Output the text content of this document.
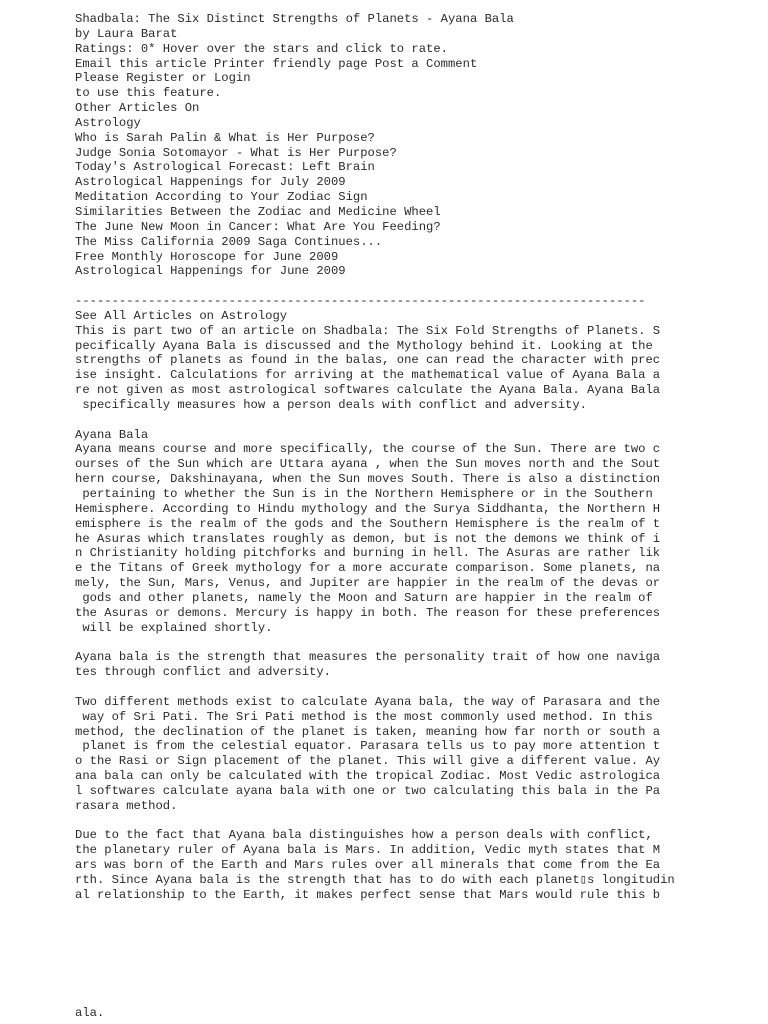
Shadbala: The Six Distinct Strengths of Planets - Ayana Bala
by Laura Barat
Ratings: 0* Hover over the stars and click to rate.
Email this article Printer friendly page Post a Comment
Please Register or Login
to use this feature.
Other Articles On
Astrology
Who is Sarah Palin & What is Her Purpose?
Judge Sonia Sotomayor - What is Her Purpose?
Today's Astrological Forecast: Left Brain
Astrological Happenings for July 2009
Meditation According to Your Zodiac Sign
Similarities Between the Zodiac and Medicine Wheel
The June New Moon in Cancer: What Are You Feeding?
The Miss California 2009 Saga Continues...
Free Monthly Horoscope for June 2009
Astrological Happenings for June 2009
------------------------------------------------------------------------------
See All Articles on Astrology
This is part two of an article on Shadbala: The Six Fold Strengths of Planets. S
pecifically Ayana Bala is discussed and the Mythology behind it. Looking at the
strengths of planets as found in the balas, one can read the character with prec
ise insight. Calculations for arriving at the mathematical value of Ayana Bala a
re not given as most astrological softwares calculate the Ayana Bala. Ayana Bala
specifically measures how a person deals with conflict and adversity.
Ayana Bala
Ayana means course and more specifically, the course of the Sun. There are two c
ourses of the Sun which are Uttara ayana , when the Sun moves north and the Sout
hern course, Dakshinayana, when the Sun moves South. There is also a distinction
pertaining to whether the Sun is in the Northern Hemisphere or in the Southern
Hemisphere. According to Hindu mythology and the Surya Siddhanta, the Northern H
emisphere is the realm of the gods and the Southern Hemisphere is the realm of t
he Asuras which translates roughly as demon, but is not the demons we think of i
n Christianity holding pitchforks and burning in hell. The Asuras are rather lik
e the Titans of Greek mythology for a more accurate comparison. Some planets, na
mely, the Sun, Mars, Venus, and Jupiter are happier in the realm of the devas or
gods and other planets, namely the Moon and Saturn are happier in the realm of
the Asuras or demons. Mercury is happy in both. The reason for these preferences
will be explained shortly.
Ayana bala is the strength that measures the personality trait of how one naviga
tes through conflict and adversity.
Two different methods exist to calculate Ayana bala, the way of Parasara and the
way of Sri Pati. The Sri Pati method is the most commonly used method. In this
method, the declination of the planet is taken, meaning how far north or south a
planet is from the celestial equator. Parasara tells us to pay more attention t
o the Rasi or Sign placement of the planet. This will give a different value. Ay
ana bala can only be calculated with the tropical Zodiac. Most Vedic astrologica
l softwares calculate ayana bala with one or two calculating this bala in the Pa
rasara method.
Due to the fact that Ayana bala distinguishes how a person deals with conflict,
the planetary ruler of Ayana bala is Mars. In addition, Vedic myth states that M
ars was born of the Earth and Mars rules over all minerals that come from the Ea
rth. Since Ayana bala is the strength that has to do with each planet▯s longitudin
al relationship to the Earth, it makes perfect sense that Mars would rule this b
ala.
